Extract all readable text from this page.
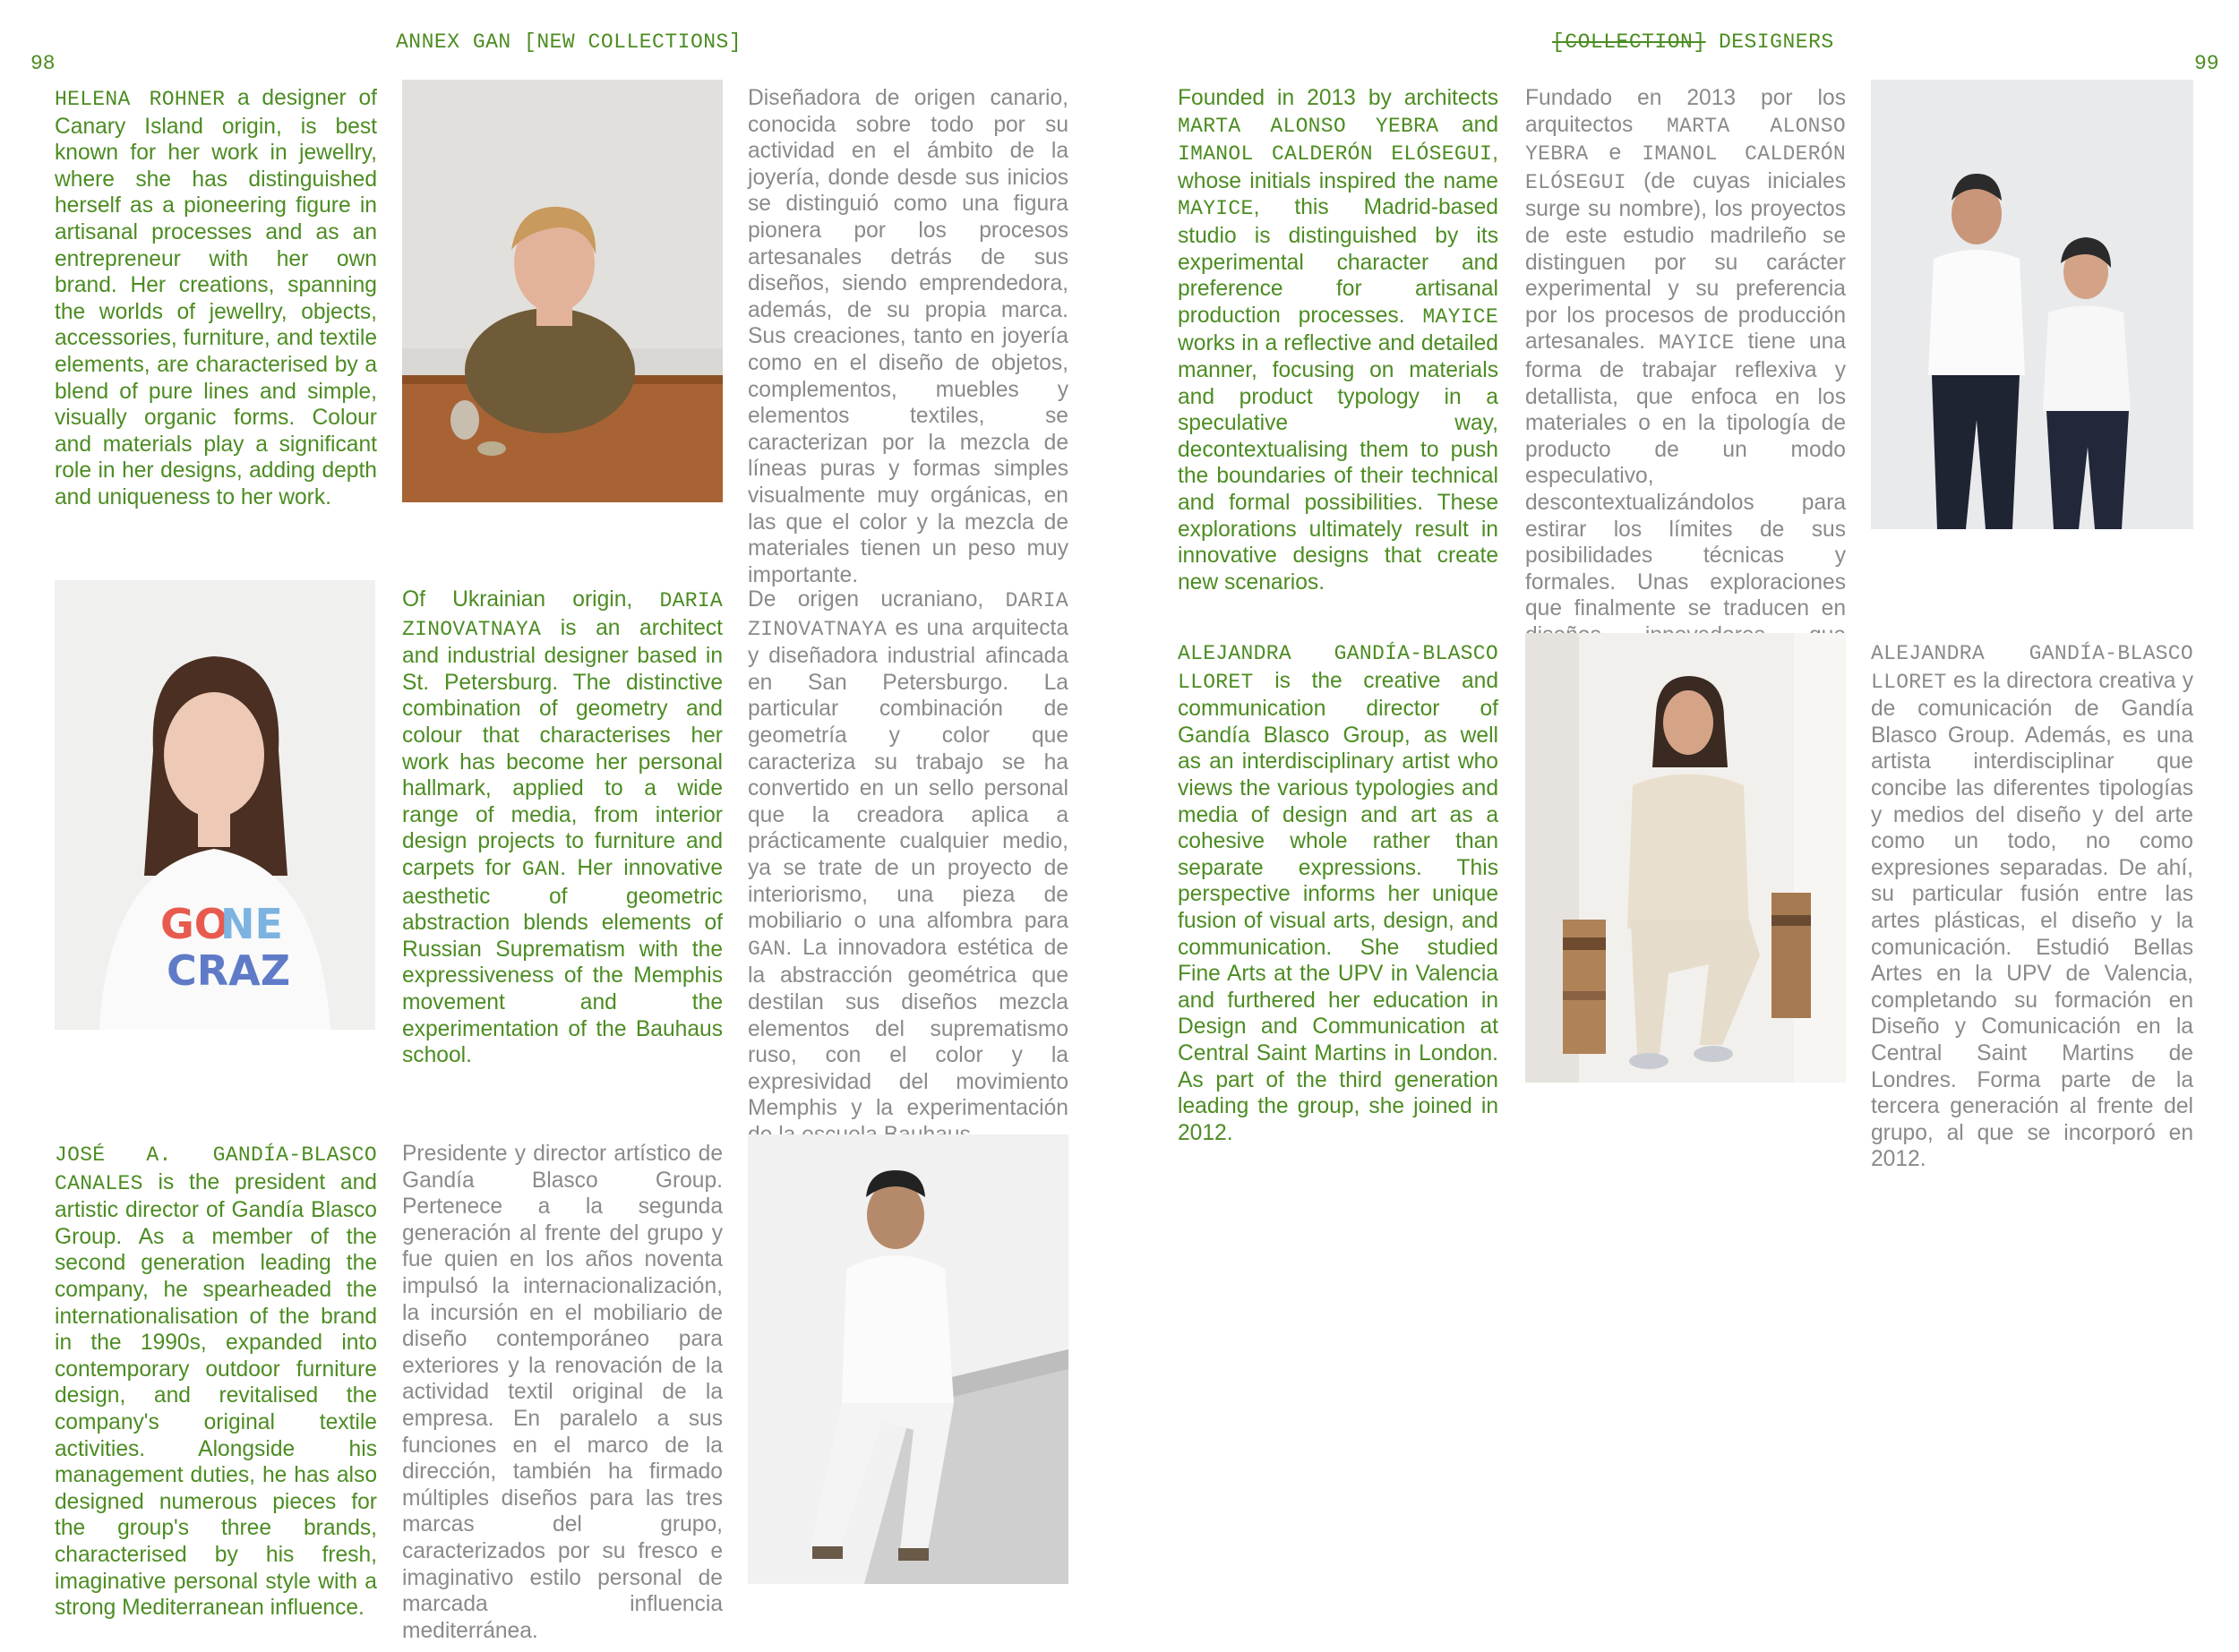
98
ANNEX GAN [NEW COLLECTIONS]	[COLLECTION] DESIGNERS
99
HELENA ROHNER a designer of Canary Island origin, is best known for her work in jewellry, where she has distinguished herself as a pioneering figure in artisanal processes and as an entrepreneur with her own brand. Her creations, spanning the worlds of jewellry, objects, accessories, furniture, and textile elements, are characterised by a blend of pure lines and simple, visually organic forms. Colour and materials play a significant role in her designs, adding depth and uniqueness to her work.
Diseñadora de origen canario, conocida sobre todo por su actividad en el ámbito de la joyería, donde desde sus inicios se distinguió como una figura pionera por los procesos artesanales detrás de sus diseños, siendo emprendedora, además, de su propia marca. Sus creaciones, tanto en joyería como en el diseño de objetos, complementos, muebles y elementos textiles, se caracterizan por la mezcla de líneas puras y formas simples visualmente muy orgánicas, en las que el color y la mezcla de materiales tienen un peso muy importante.
GO
NE
CRAZ
Of Ukrainian origin, DARIA ZINOVATNAYA is an architect and industrial designer based in St. Petersburg. The distinctive combination of geometry and colour that characterises her work has become her personal hallmark, applied to a wide range of media, from interior design projects to furniture and carpets for GAN. Her innovative aesthetic of geometric abstraction blends elements of Russian Suprematism with the expressiveness of the Memphis movement and the experimentation of the Bauhaus school.
De origen ucraniano, DARIA ZINOVATNAYA es una arquitecta y diseñadora industrial afincada en San Petersburgo. La particular combinación de geometría y color que caracteriza su trabajo se ha convertido en un sello personal que la creadora aplica a prácticamente cualquier medio, ya se trate de un proyecto de interiorismo, una pieza de mobiliario o una alfombra para GAN. La innovadora estética de la abstracción geométrica que destilan sus diseños mezcla elementos del suprematismo ruso, con el color y la expresividad del movimiento Memphis y la experimentación
JOSÉ A. GANDÍA-BLASCO CANALES is the president and artistic director of Gandía Blasco Group. As a member of the second generation leading the company, he spearheaded the internationalisation of the brand in the 1990s, expanded into contemporary outdoor furniture design, and revitalised the company's original textile activities. Alongside his management duties, he has also designed numerous pieces for the group's three brands, characterised by his fresh, imaginative personal style with a strong Mediterranean influence.
Presidente y director artístico de Gandía Blasco Group. Pertenece a la segunda generación al frente del grupo y fue quien en los años noventa impulsó la internacionalización, la incursión en el mobiliario de diseño contemporáneo para exteriores y la renovación de la actividad textil original de la empresa. En paralelo a sus funciones en el marco de la dirección, también ha firmado múltiples diseños para las tres marcas del grupo, caracterizados por su fresco e imaginativo estilo personal de marcada influencia mediterránea.
Founded in 2013 by architects MARTA ALONSO YEBRA and IMANOL CALDERÓN ELÓSEGUI, whose initials inspired the name MAYICE, this Madrid-based studio is distinguished by its experimental character and preference for artisanal production processes. MAYICE works in a reflective and detailed manner, focusing on materials and product typology in a speculative way, decontextualising them to push the boundaries of their technical and formal possibilities. These explorations ultimately result in innovative designs that create new scenarios.
Fundado en 2013 por los arquitectos MARTA ALONSO YEBRA e IMANOL CALDERÓN ELÓSEGUI (de cuyas iniciales surge su nombre), los proyectos de este estudio madrileño se distinguen por su carácter experimental y su preferencia por los procesos de producción artesanales. MAYICE tiene una forma de trabajar reflexiva y detallista, que enfoca en los materiales o en la tipología de producto de un modo especulativo, descontextualizándolos para estirar los límites de sus posibilidades técnicas y formales. Unas exploraciones que finalmente se traducen en
ALEJANDRA GANDÍA-BLASCO LLORET is the creative and communication director of Gandía Blasco Group, as well as an interdisciplinary artist who views the various typologies and media of design and art as a cohesive whole rather than separate expressions. This perspective informs her unique fusion of visual arts, design, and communication. She studied Fine Arts at the UPV in Valencia and furthered her education in Design and Communication at Central Saint Martins in London. As part of the third generation leading the group, she joined in 2012.
ALEJANDRA GANDÍA-BLASCO LLORET es la directora creativa y de comunicación de Gandía Blasco Group. Además, es una artista interdisciplinar que concibe las diferentes tipologías y medios del diseño y del arte como un todo, no como expresiones separadas. De ahí, su particular fusión entre las artes plásticas, el diseño y la comunicación. Estudió Bellas Artes en la UPV de Valencia, completando su formación en Diseño y Comunicación en la Central Saint Martins de Londres. Forma parte de la tercera generación al frente del grupo, al que se incorporó en 2012.
